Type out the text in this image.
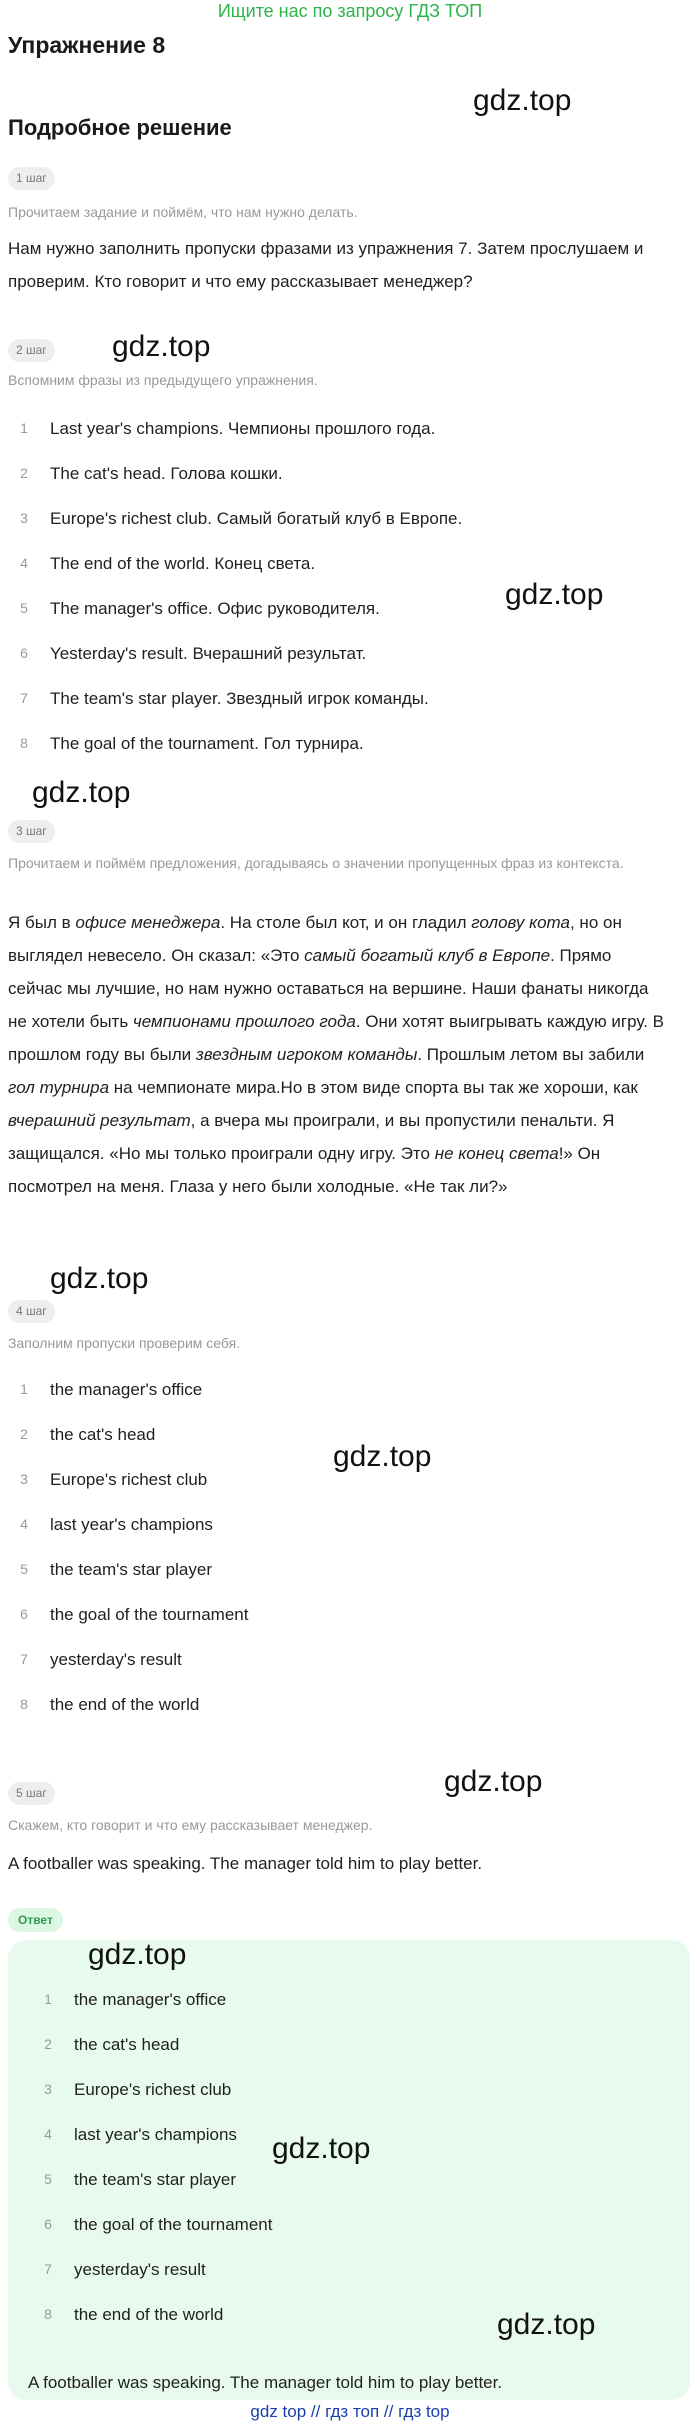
Ищите нас по запросу ГДЗ ТОП
Упражнение 8
Подробное решение
1 шаг
Прочитаем задание и поймём, что нам нужно делать.
Нам нужно заполнить пропуски фразами из упражнения 7. Затем прослушаем и проверим. Кто говорит и что ему рассказывает менеджер?
2 шаг
Вспомним фразы из предыдущего упражнения.
1	Last year's champions. Чемпионы прошлого года.
2	The cat's head. Голова кошки.
3	Europe's richest club. Самый богатый клуб в Европе.
4	The end of the world. Конец света.
5	The manager's office. Офис руководителя.
6	Yesterday's result. Вчерашний результат.
7	The team's star player. Звездный игрок команды.
8	The goal of the tournament. Гол турнира.
3 шаг
Прочитаем и поймём предложения, догадываясь о значении пропущенных фраз из контекста.
Я был в офисе менеджера. На столе был кот, и он гладил голову кота, но он выглядел невесело. Он сказал: «Это самый богатый клуб в Европе. Прямо сейчас мы лучшие, но нам нужно оставаться на вершине. Наши фанаты никогда не хотели быть чемпионами прошлого года. Они хотят выигрывать каждую игру. В прошлом году вы были звездным игроком команды. Прошлым летом вы забили гол турнира на чемпионате мира.Но в этом виде спорта вы так же хороши, как вчерашний результат, а вчера мы проиграли, и вы пропустили пенальти. Я защищался. «Но мы только проиграли одну игру. Это не конец света!» Он посмотрел на меня. Глаза у него были холодные. «Не так ли?»
4 шаг
Заполним пропуски проверим себя.
1	the manager's office
2	the cat's head
3	Europe's richest club
4	last year's champions
5	the team's star player
6	the goal of the tournament
7	yesterday's result
8	the end of the world
5 шаг
Скажем, кто говорит и что ему рассказывает менеджер.
A footballer was speaking. The manager told him to play better.
Ответ
1	the manager's office
2	the cat's head
3	Europe's richest club
4	last year's champions
5	the team's star player
6	the goal of the tournament
7	yesterday's result
8	the end of the world
A footballer was speaking. The manager told him to play better.
gdz.top
gdz.top
gdz.top
gdz.top
gdz.top
gdz.top
gdz.top
gdz.top
gdz.top
gdz.top
gdz top // гдз топ // гдз top
